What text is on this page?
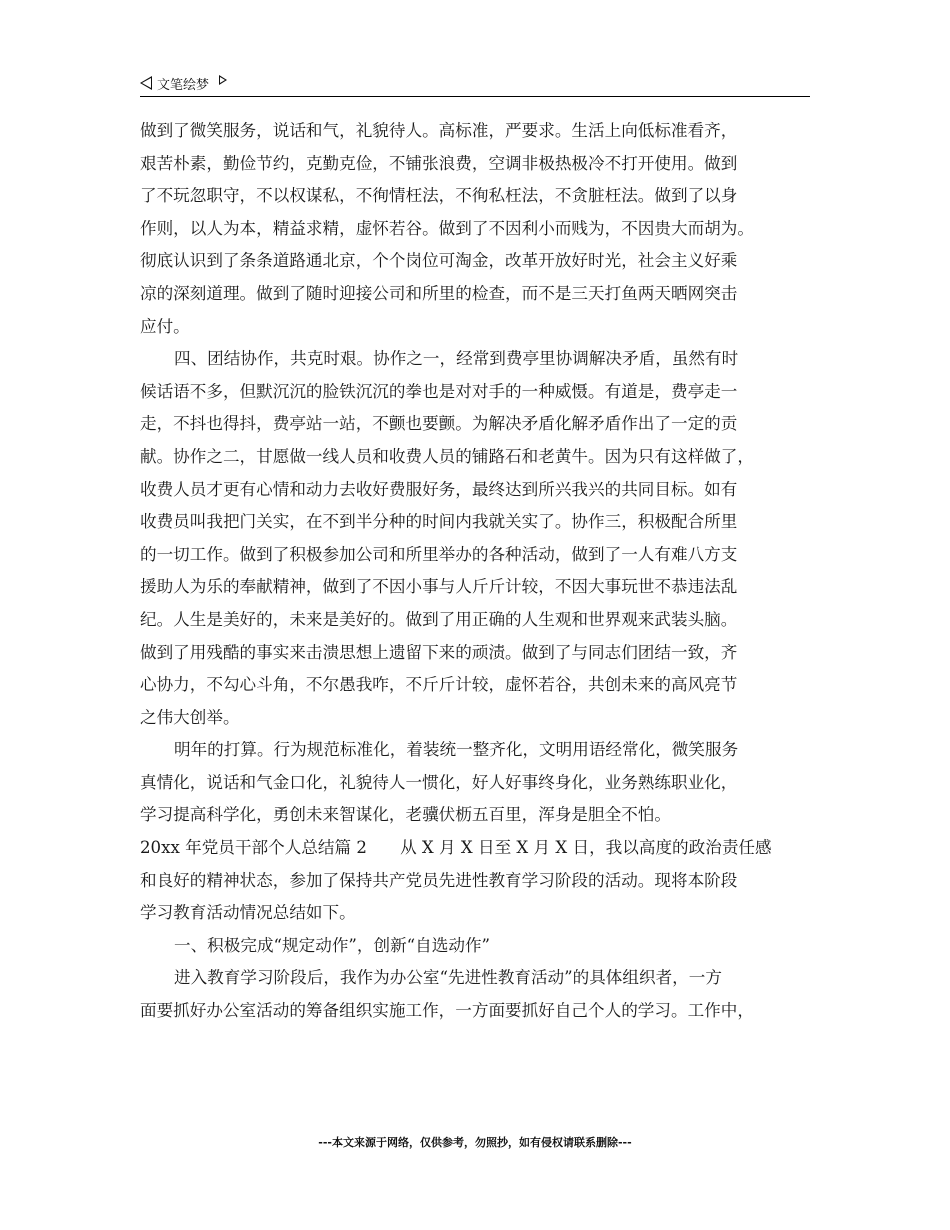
文笔绘梦
做到了微笑服务，说话和气，礼貌待人。高标准，严要求。生活上向低标准看齐，
艰苦朴素，勤俭节约，克勤克俭，不铺张浪费，空调非极热极冷不打开使用。做到
了不玩忽职守，不以权谋私，不徇情枉法，不徇私枉法，不贪脏枉法。做到了以身
作则，以人为本，精益求精，虚怀若谷。做到了不因利小而贱为，不因贵大而胡为。
彻底认识到了条条道路通北京，个个岗位可淘金，改革开放好时光，社会主义好乘
凉的深刻道理。做到了随时迎接公司和所里的检查，而不是三天打鱼两天晒网突击
应付。
四、团结协作，共克时艰。协作之一，经常到费亭里协调解决矛盾，虽然有时
候话语不多，但默沉沉的脸铁沉沉的拳也是对对手的一种威慑。有道是，费亭走一
走，不抖也得抖，费亭站一站，不颤也要颤。为解决矛盾化解矛盾作出了一定的贡
献。协作之二，甘愿做一线人员和收费人员的铺路石和老黄牛。因为只有这样做了，
收费人员才更有心情和动力去收好费服好务，最终达到所兴我兴的共同目标。如有
收费员叫我把门关实，在不到半分种的时间内我就关实了。协作三，积极配合所里
的一切工作。做到了积极参加公司和所里举办的各种活动，做到了一人有难八方支
援助人为乐的奉献精神，做到了不因小事与人斤斤计较，不因大事玩世不恭违法乱
纪。人生是美好的，未来是美好的。做到了用正确的人生观和世界观来武装头脑。
做到了用残酷的事实来击溃思想上遗留下来的顽渍。做到了与同志们团结一致，齐
心协力，不勾心斗角，不尔愚我咋，不斤斤计较，虚怀若谷，共创未来的高风亮节
之伟大创举。
明年的打算。行为规范标准化，着装统一整齐化，文明用语经常化，微笑服务
真情化，说话和气金口化，礼貌待人一惯化，好人好事终身化，业务熟练职业化，
学习提高科学化，勇创未来智谋化，老骥伏枥五百里，浑身是胆全不怕。
20xx 年党员干部个人总结篇 2　　从 X 月 X 日至 X 月 X 日，我以高度的政治责任感
和良好的精神状态，参加了保持共产党员先进性教育学习阶段的活动。现将本阶段
学习教育活动情况总结如下。
一、积极完成“规定动作”，创新“自选动作”
进入教育学习阶段后，我作为办公室“先进性教育活动”的具体组织者，一方
面要抓好办公室活动的筹备组织实施工作，一方面要抓好自己个人的学习。工作中，
---本文来源于网络，仅供参考，勿照抄，如有侵权请联系删除---
